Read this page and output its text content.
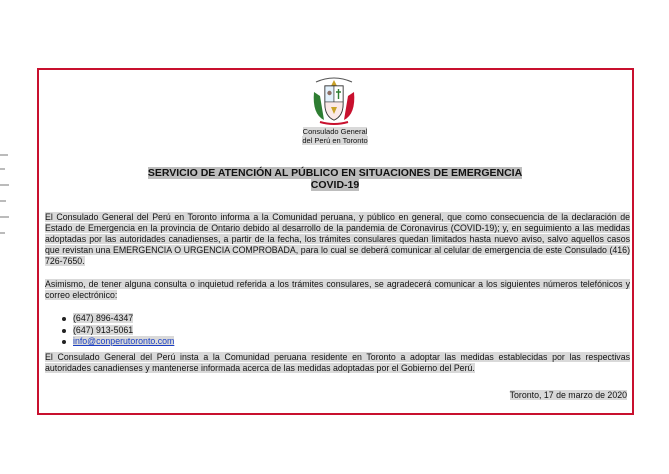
Consulado General
del Perú en Toronto
SERVICIO DE ATENCIÓN AL PÚBLICO EN SITUACIONES DE EMERGENCIA
COVID-19
El Consulado General del Perú en Toronto informa a la Comunidad peruana, y público en general, que como consecuencia de la declaración de Estado de Emergencia en la provincia de Ontario debido al desarrollo de la pandemia de Coronavirus (COVID-19); y, en seguimiento a las medidas adoptadas por las autoridades canadienses, a partir de la fecha, los trámites consulares quedan limitados hasta nuevo aviso, salvo aquellos casos que revistan una EMERGENCIA O URGENCIA COMPROBADA, para lo cual se deberá comunicar al celular de emergencia de este Consulado (416) 726-7650.
Asimismo, de tener alguna consulta o inquietud referida a los trámites consulares, se agradecerá comunicar a los siguientes números telefónicos y correo electrónico:
(647) 896-4347
(647) 913-5061
info@conperutoronto.com
El Consulado General del Perú insta a la Comunidad peruana residente en Toronto a adoptar las medidas establecidas por las respectivas autoridades canadienses y mantenerse informada acerca de las medidas adoptadas por el Gobierno del Perú.
Toronto, 17 de marzo de 2020
